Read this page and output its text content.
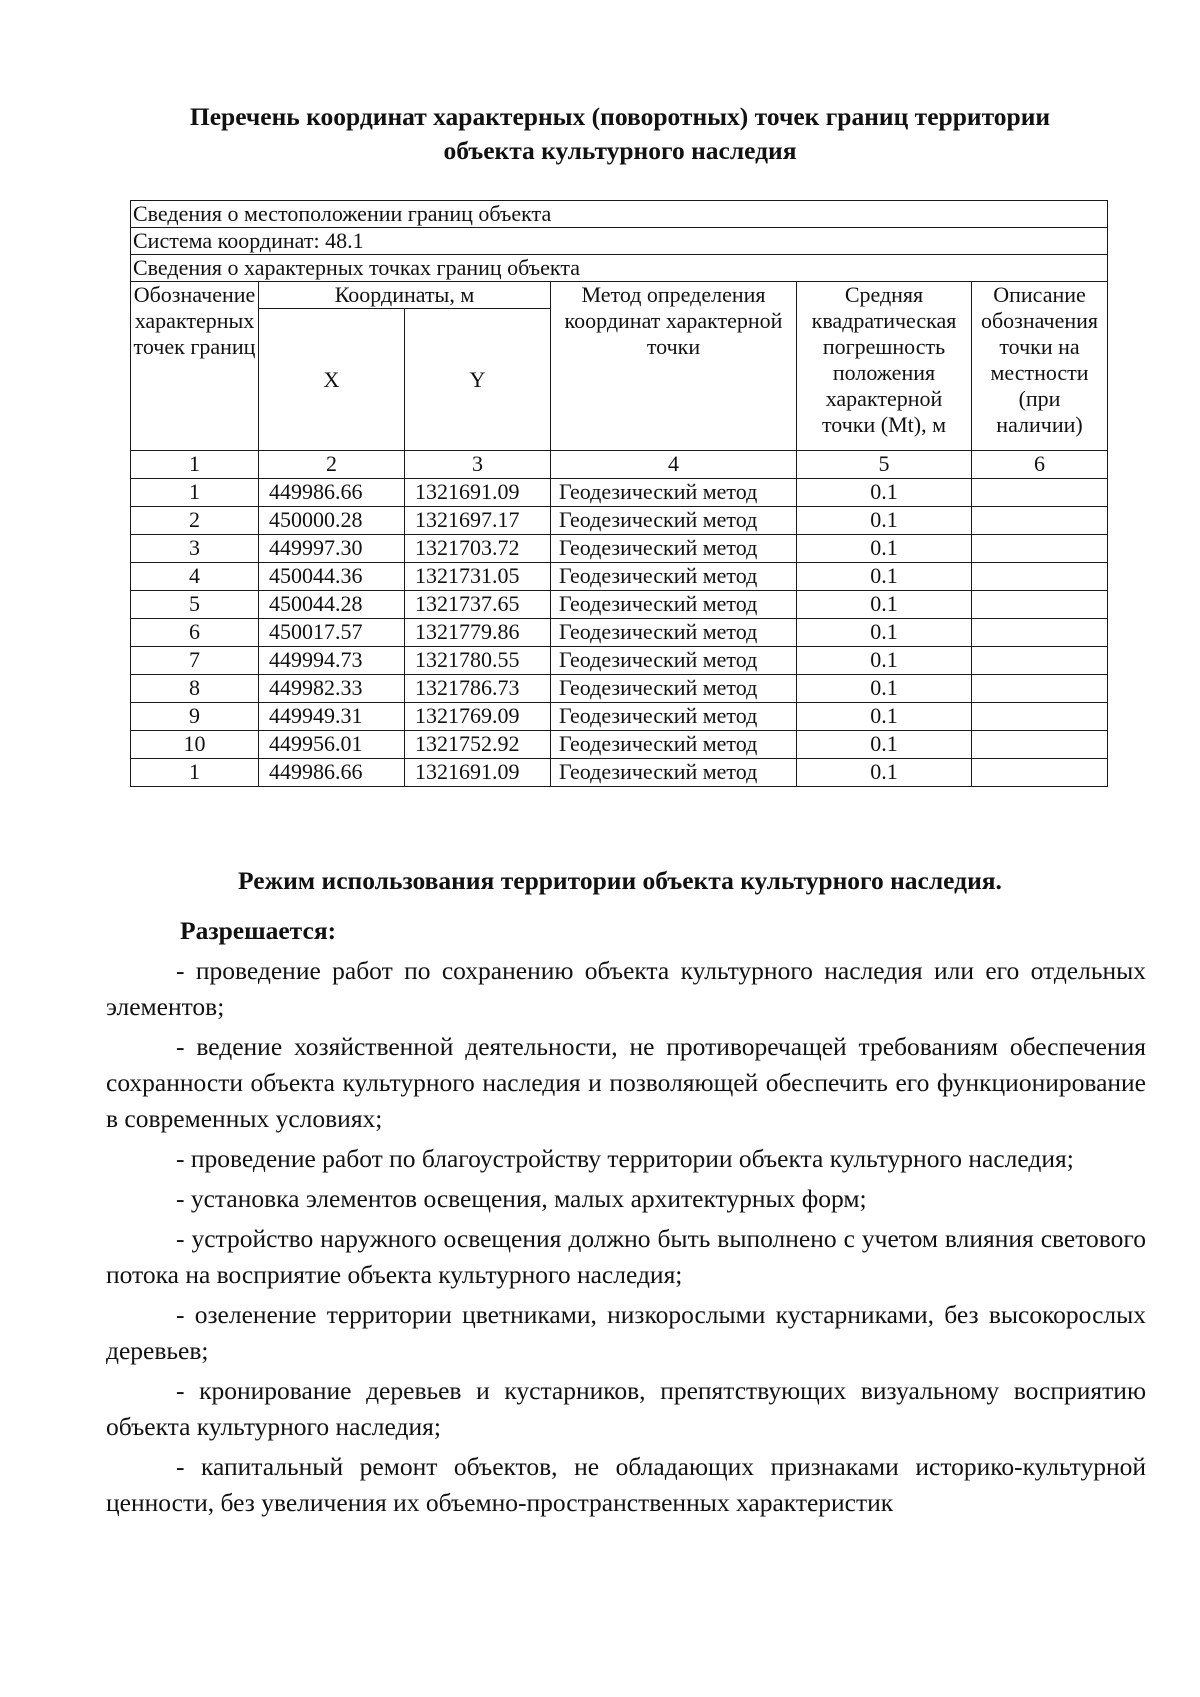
Перечень координат характерных (поворотных) точек границ территории
объекта культурного наследия
Сведения о местоположении границ объекта					
Система координат: 48.1					
Сведения о характерных точках границ объекта					
Обозначение характерных точек границ	Координаты, м		Метод определения координат характерной точки	Средняя квадратическая погрешность положения характерной точки (Mt), м	Описание обозначения точки на местности (при наличии)
	X	Y			
1	2	3	4	5	6
1	449986.66	1321691.09	Геодезический метод	0.1	
2	450000.28	1321697.17	Геодезический метод	0.1	
3	449997.30	1321703.72	Геодезический метод	0.1	
4	450044.36	1321731.05	Геодезический метод	0.1	
5	450044.28	1321737.65	Геодезический метод	0.1	
6	450017.57	1321779.86	Геодезический метод	0.1	
7	449994.73	1321780.55	Геодезический метод	0.1	
8	449982.33	1321786.73	Геодезический метод	0.1	
9	449949.31	1321769.09	Геодезический метод	0.1	
10	449956.01	1321752.92	Геодезический метод	0.1	
1	449986.66	1321691.09	Геодезический метод	0.1	
Режим использования территории объекта культурного наследия.
Разрешается:

- проведение работ по сохранению объекта культурного наследия или его отдельных элементов;

- ведение хозяйственной деятельности, не противоречащей требованиям обеспечения сохранности объекта культурного наследия и позволяющей обеспечить его функционирование в современных условиях;

- проведение работ по благоустройству территории объекта культурного наследия;

- установка элементов освещения, малых архитектурных форм;

- устройство наружного освещения должно быть выполнено с учетом влияния светового потока на восприятие объекта культурного наследия;

- озеленение территории цветниками, низкорослыми кустарниками, без высокорослых деревьев;

- кронирование деревьев и кустарников, препятствующих визуальному восприятию объекта культурного наследия;

- капитальный ремонт объектов, не обладающих признаками историко-культурной ценности, без увеличения их объемно-пространственных характеристик
